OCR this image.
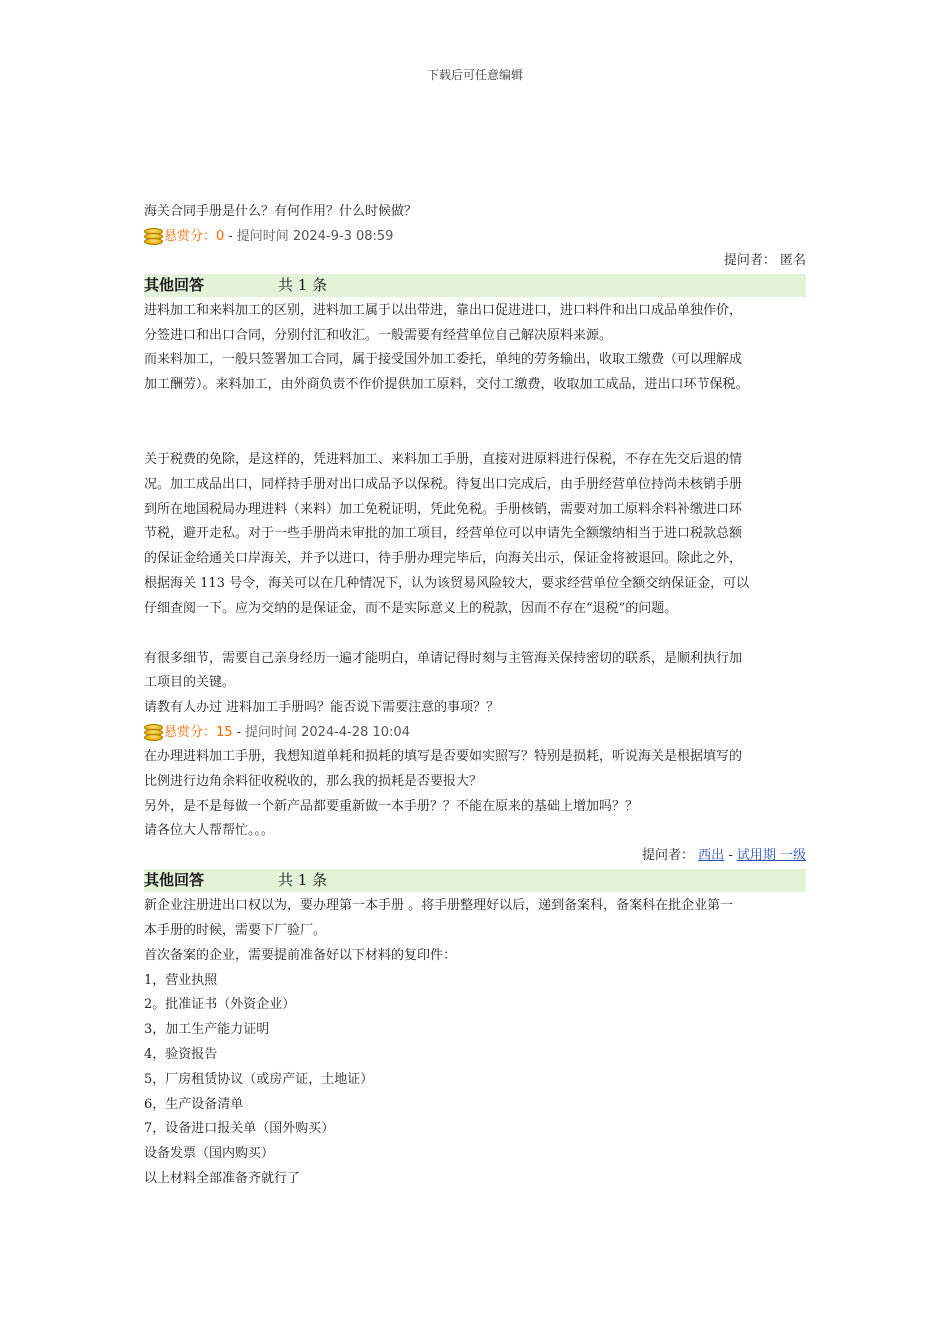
下载后可任意编辑
海关合同手册是什么？有何作用？什么时候做？
悬赏分： 0 - 提问时间 2024-9-3 08:59
提问者： 匿名
其他回答	共 1 条
进料加工和来料加工的区别，进料加工属于以出带进，靠出口促进进口，进口料件和出口成品单独作价，
分签进口和出口合同，分别付汇和收汇。一般需要有经营单位自己解决原料来源。
而来料加工，一般只签署加工合同，属于接受国外加工委托，单纯的劳务输出，收取工缴费（可以理解成
加工酬劳）。来料加工，由外商负责不作价提供加工原料，交付工缴费，收取加工成品，进出口环节保税。
关于税费的免除，是这样的，凭进料加工、来料加工手册，直接对进原料进行保税，不存在先交后退的情
况。加工成品出口，同样持手册对出口成品予以保税。待复出口完成后，由手册经营单位持尚未核销手册
到所在地国税局办理进料（来料）加工免税证明，凭此免税。手册核销，需要对加工原料余料补缴进口环
节税，避开走私。对于一些手册尚未审批的加工项目，经营单位可以申请先全额缴纳相当于进口税款总额
的保证金给通关口岸海关，并予以进口，待手册办理完毕后，向海关出示，保证金将被退回。除此之外，
根据海关 113 号令，海关可以在几种情况下，认为该贸易风险较大，要求经营单位全额交纳保证金，可以
仔细查阅一下。应为交纳的是保证金，而不是实际意义上的税款，因而不存在“退税”的问题。
有很多细节，需要自己亲身经历一遍才能明白，单请记得时刻与主管海关保持密切的联系，是顺利执行加
工项目的关键。
请教有人办过 进料加工手册吗？能否说下需要注意的事项？？
悬赏分： 15 - 提问时间 2024-4-28 10:04
在办理进料加工手册，我想知道单耗和损耗的填写是否要如实照写？特别是损耗，听说海关是根据填写的
比例进行边角余料征收税收的，那么我的损耗是否要报大？
另外，是不是每做一个新产品都要重新做一本手册？？不能在原来的基础上增加吗？？
请各位大人帮帮忙。。。
提问者： 西出 - 试用期 一级
其他回答	共 1 条
新企业注册进出口权以为，要办理第一本手册 。将手册整理好以后，递到备案科，备案科在批企业第一
本手册的时候，需要下厂验厂。
首次备案的企业，需要提前准备好以下材料的复印件：
1，营业执照
2。批准证书（外资企业）
3，加工生产能力证明
4，验资报告
5，厂房租赁协议（或房产证，土地证）
6，生产设备清单
7，设备进口报关单（国外购买）
设备发票（国内购买）
以上材料全部准备齐就行了
